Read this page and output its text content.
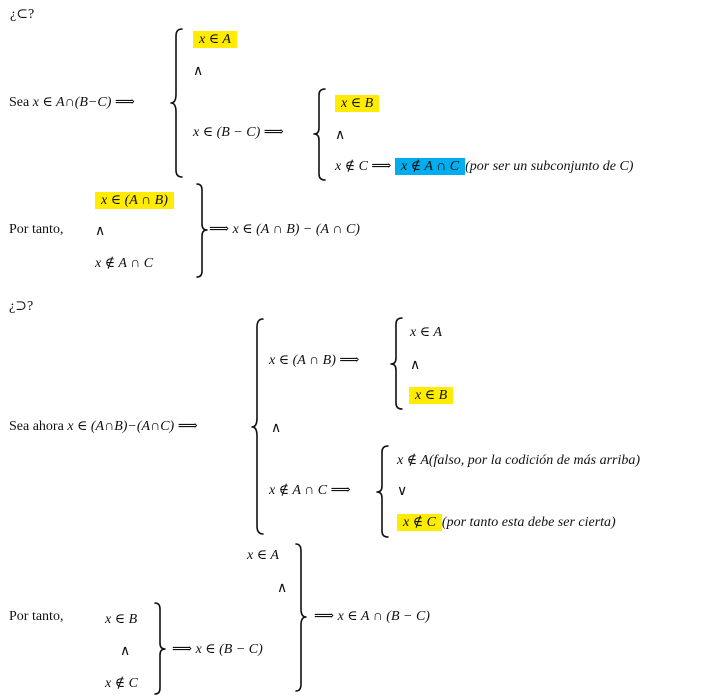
¿⊂?
Sea x ∈ A∩(B−C) ⟹
x ∈ A
∧
x ∈ (B − C) ⟹
x ∈ B
∧
x ∉ C ⟹ x ∉ A ∩ C (por ser un subconjunto de C)
Por tanto,
x ∈ (A ∩ B)
∧
x ∉ A ∩ C
⟹ x ∈ (A ∩ B) − (A ∩ C)
¿⊃?
Sea ahora x ∈ (A∩B)−(A∩C) ⟹
x ∈ (A ∩ B) ⟹
∧
x ∉ A ∩ C ⟹
x ∈ A
∧
x ∈ B
x ∉ A(falso, por la codición de más arriba)
∨
x ∉ C (por tanto esta debe ser cierta)
Por tanto,
x ∈ A
∧
x ∈ B
∧
x ∉ C
⟹ x ∈ (B − C)
⟹ x ∈ A ∩ (B − C)
